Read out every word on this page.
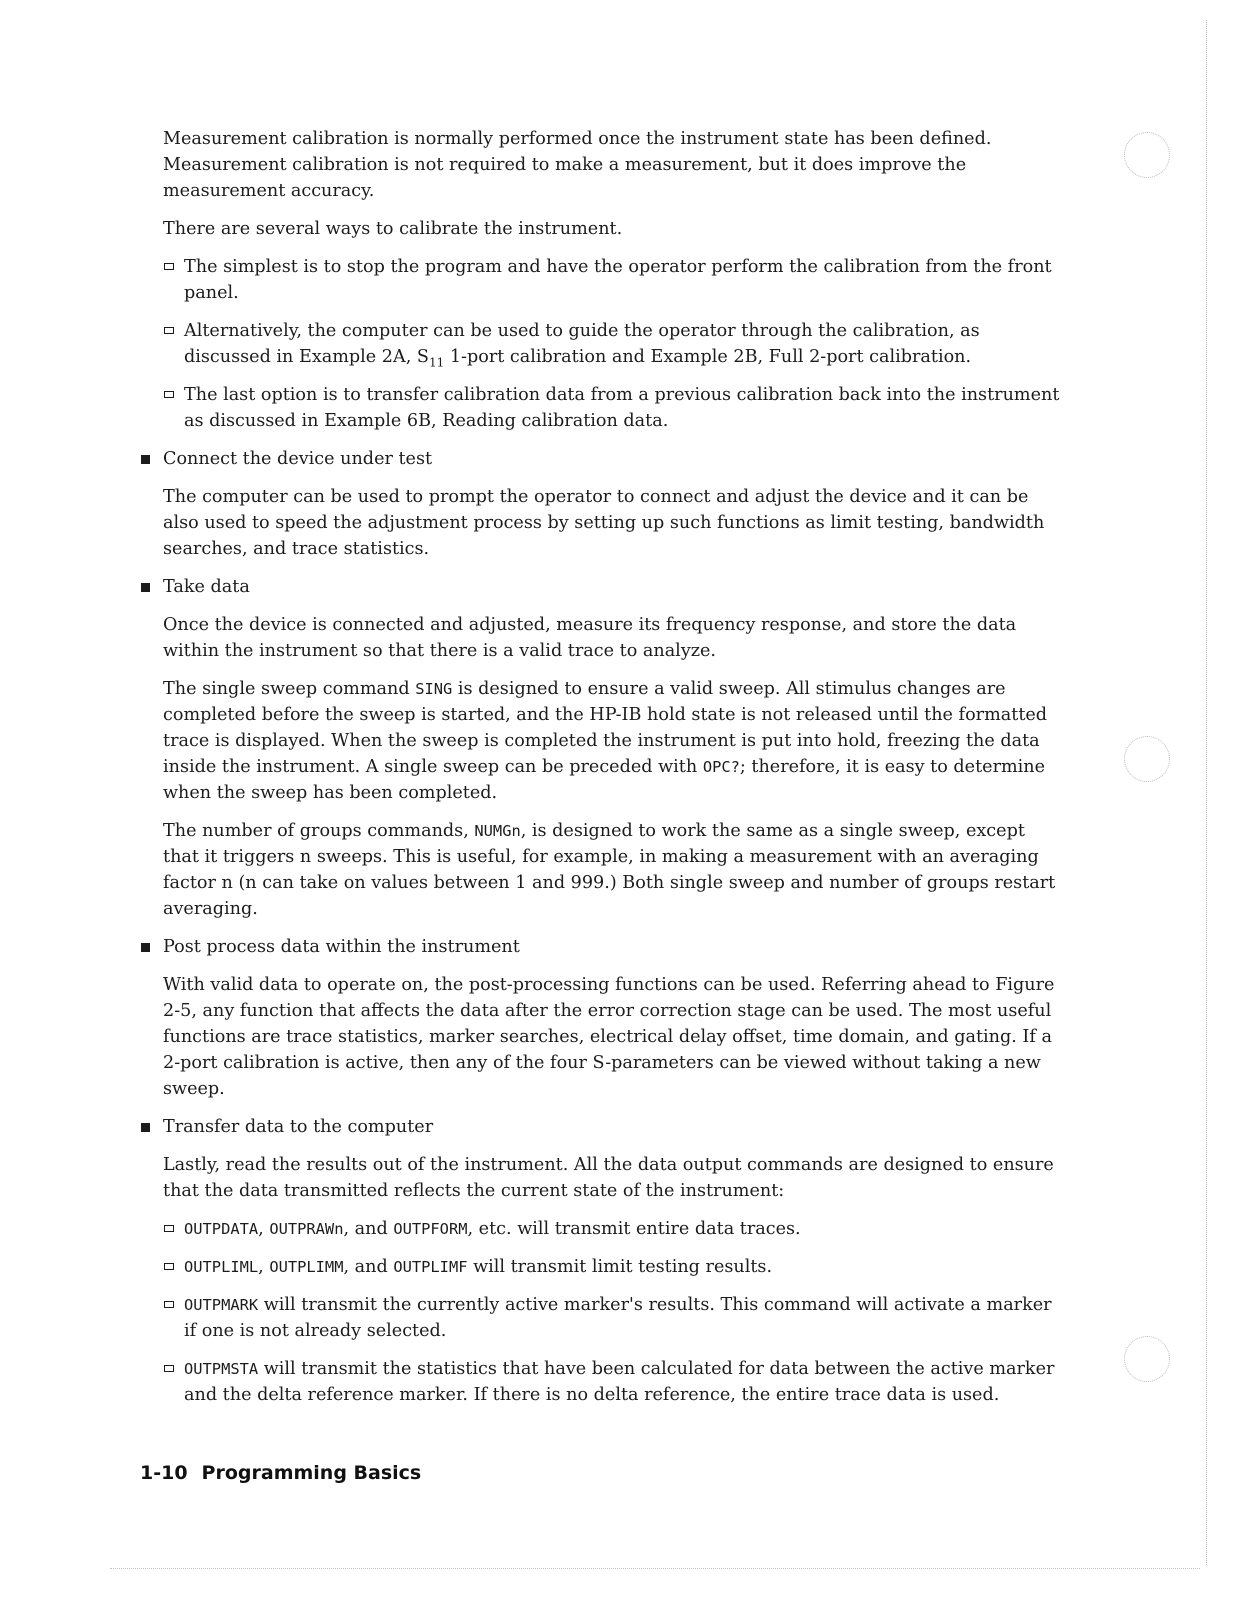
Measurement calibration is normally performed once the instrument state has been defined. Measurement calibration is not required to make a measurement, but it does improve the measurement accuracy.

There are several ways to calibrate the instrument.

The simplest is to stop the program and have the operator perform the calibration from the front panel.
Alternatively, the computer can be used to guide the operator through the calibration, as discussed in Example 2A, $S_{11}$ 1-port calibration and Example 2B, Full 2-port calibration.
The last option is to transfer calibration data from a previous calibration back into the instrument as discussed in Example 6B, Reading calibration data.
Connect the device under test

The computer can be used to prompt the operator to connect and adjust the device and it can be also used to speed the adjustment process by setting up such functions as limit testing, bandwidth searches, and trace statistics.

Take data

Once the device is connected and adjusted, measure its frequency response, and store the data within the instrument so that there is a valid trace to analyze.

The single sweep command SING is designed to ensure a valid sweep. All stimulus changes are completed before the sweep is started, and the HP-IB hold state is not released until the formatted trace is displayed. When the sweep is completed the instrument is put into hold, freezing the data inside the instrument. A single sweep can be preceded with OPC?; therefore, it is easy to determine when the sweep has been completed.

The number of groups commands, NUMGn, is designed to work the same as a single sweep, except that it triggers n sweeps. This is useful, for example, in making a measurement with an averaging factor n (n can take on values between 1 and 999.) Both single sweep and number of groups restart averaging.

Post process data within the instrument

With valid data to operate on, the post-processing functions can be used. Referring ahead to Figure 2-5, any function that affects the data after the error correction stage can be used. The most useful functions are trace statistics, marker searches, electrical delay offset, time domain, and gating. If a 2-port calibration is active, then any of the four S-parameters can be viewed without taking a new sweep.

Transfer data to the computer

Lastly, read the results out of the instrument. All the data output commands are designed to ensure that the data transmitted reflects the current state of the instrument:

OUTPDATA, OUTPRAWn, and OUTPFORM, etc. will transmit entire data traces.
OUTPLIML, OUTPLIMM, and OUTPLIMF will transmit limit testing results.
OUTPMARK will transmit the currently active marker's results. This command will activate a marker if one is not already selected.
OUTPMSTA will transmit the statistics that have been calculated for data between the active marker and the delta reference marker. If there is no delta reference, the entire trace data is used.
1-10 Programming Basics
